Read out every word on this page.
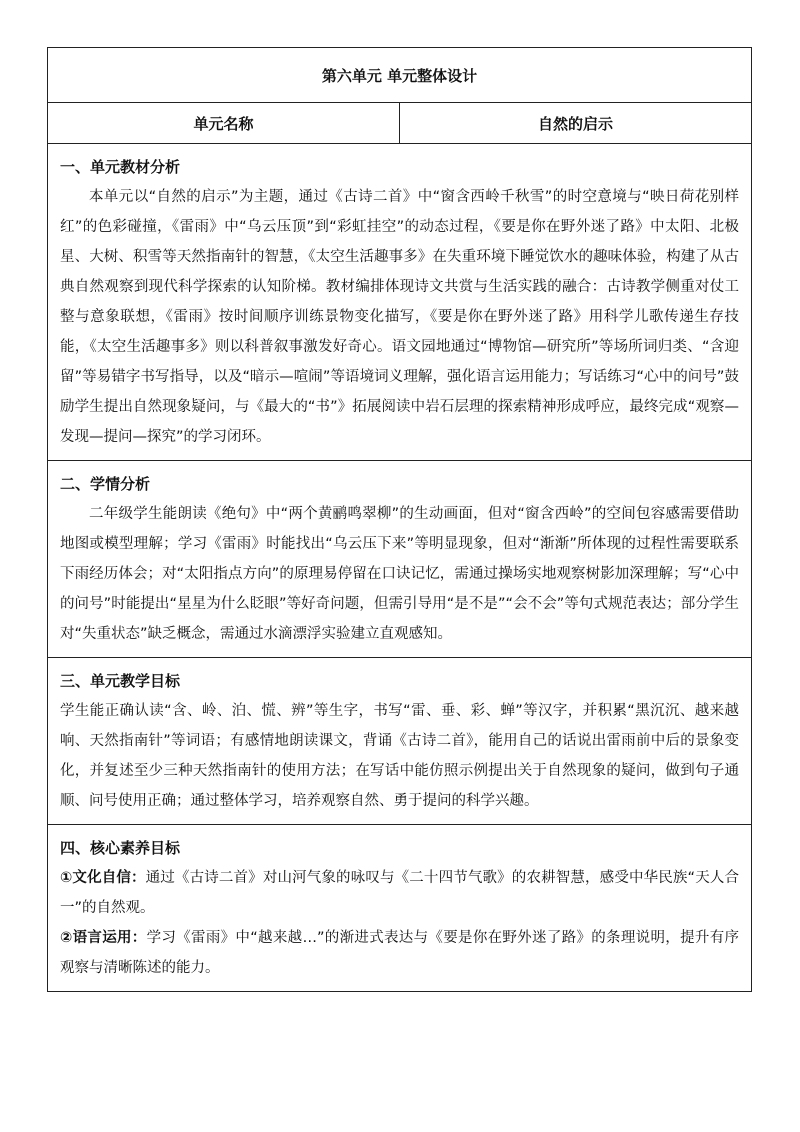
第六单元 单元整体设计
单元名称	自然的启示

一、单元教材分析

本单元以“自然的启示”为主题，通过《古诗二首》中“窗含西岭千秋雪”的时空意境与“映日荷花别样红”的色彩碰撞，《雷雨》中“乌云压顶”到“彩虹挂空”的动态过程，《要是你在野外迷了路》中太阳、北极星、大树、积雪等天然指南针的智慧，《太空生活趣事多》在失重环境下睡觉饮水的趣味体验，构建了从古典自然观察到现代科学探索的认知阶梯。教材编排体现诗文共赏与生活实践的融合：古诗教学侧重对仗工整与意象联想，《雷雨》按时间顺序训练景物变化描写，《要是你在野外迷了路》用科学儿歌传递生存技能，《太空生活趣事多》则以科普叙事激发好奇心。语文园地通过“博物馆—研究所”等场所词归类、“含迎留”等易错字书写指导，以及“暗示—喧闹”等语境词义理解，强化语言运用能力；写话练习“心中的问号”鼓励学生提出自然现象疑问，与《最大的“书”》拓展阅读中岩石层理的探索精神形成呼应，最终完成“观察—发现—提问—探究”的学习闭环。

二、学情分析

二年级学生能朗读《绝句》中“两个黄鹂鸣翠柳”的生动画面，但对“窗含西岭”的空间包容感需要借助地图或模型理解；学习《雷雨》时能找出“乌云压下来”等明显现象，但对“渐渐”所体现的过程性需要联系下雨经历体会；对“太阳指点方向”的原理易停留在口诀记忆，需通过操场实地观察树影加深理解；写“心中的问号”时能提出“星星为什么眨眼”等好奇问题，但需引导用“是不是”“会不会”等句式规范表达；部分学生对“失重状态”缺乏概念，需通过水滴漂浮实验建立直观感知。

三、单元教学目标

学生能正确认读“含、岭、泊、慌、辨”等生字，书写“雷、垂、彩、蝉”等汉字，并积累“黑沉沉、越来越响、天然指南针”等词语；有感情地朗读课文，背诵《古诗二首》，能用自己的话说出雷雨前中后的景象变化，并复述至少三种天然指南针的使用方法；在写话中能仿照示例提出关于自然现象的疑问，做到句子通顺、问号使用正确；通过整体学习，培养观察自然、勇于提问的科学兴趣。

四、核心素养目标

①文化自信：通过《古诗二首》对山河气象的咏叹与《二十四节气歌》的农耕智慧，感受中华民族“天人合一”的自然观。

②语言运用：学习《雷雨》中“越来越…”的渐进式表达与《要是你在野外迷了路》的条理说明，提升有序观察与清晰陈述的能力。
